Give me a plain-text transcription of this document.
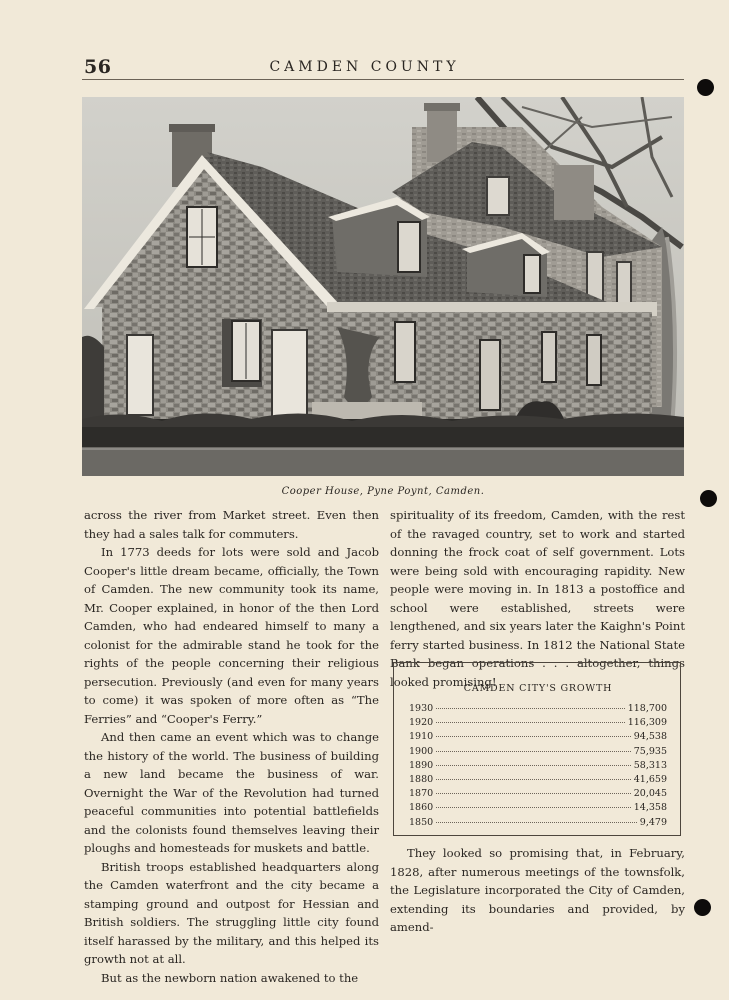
56	CAMDEN COUNTY
Cooper House, Pyne Poynt, Camden.

across the river from Market street. Even then they had a sales talk for commuters.

In 1773 deeds for lots were sold and Jacob Cooper's little dream became, officially, the Town of Camden. The new community took its name, Mr. Cooper explained, in honor of the then Lord Camden, who had endeared himself to many a colonist for the admirable stand he took for the rights of the people concerning their religious persecution. Previously (and even for many years to come) it was spoken of more often as “The Ferries” and “Cooper's Ferry.”

And then came an event which was to change the history of the world. The business of building a new land became the business of war. Overnight the War of the Revolution had turned peaceful communities into potential battlefields and the colonists found themselves leaving their ploughs and homesteads for muskets and battle.

British troops established headquarters along the Camden waterfront and the city became a stamping ground and outpost for Hessian and British soldiers. The struggling little city found itself harassed by the military, and this helped its growth not at all.

But as the newborn nation awakened to the

spirituality of its freedom, Camden, with the rest of the ravaged country, set to work and started donning the frock coat of self government. Lots were being sold with encouraging rapidity. New people were moving in. In 1813 a postoffice and school were established, streets were lengthened, and six years later the Kaighn's Point ferry started business. In 1812 the National State Bank began operations . . . altogether, things looked promising!

CAMDEN CITY'S GROWTH
1930	118,700
1920	116,309
1910	94,538
1900	75,935
1890	58,313
1880	41,659
1870	20,045
1860	14,358
1850	9,479

They looked so promising that, in February, 1828, after numerous meetings of the townsfolk, the Legislature incorporated the City of Camden, extending its boundaries and provided, by amend-
